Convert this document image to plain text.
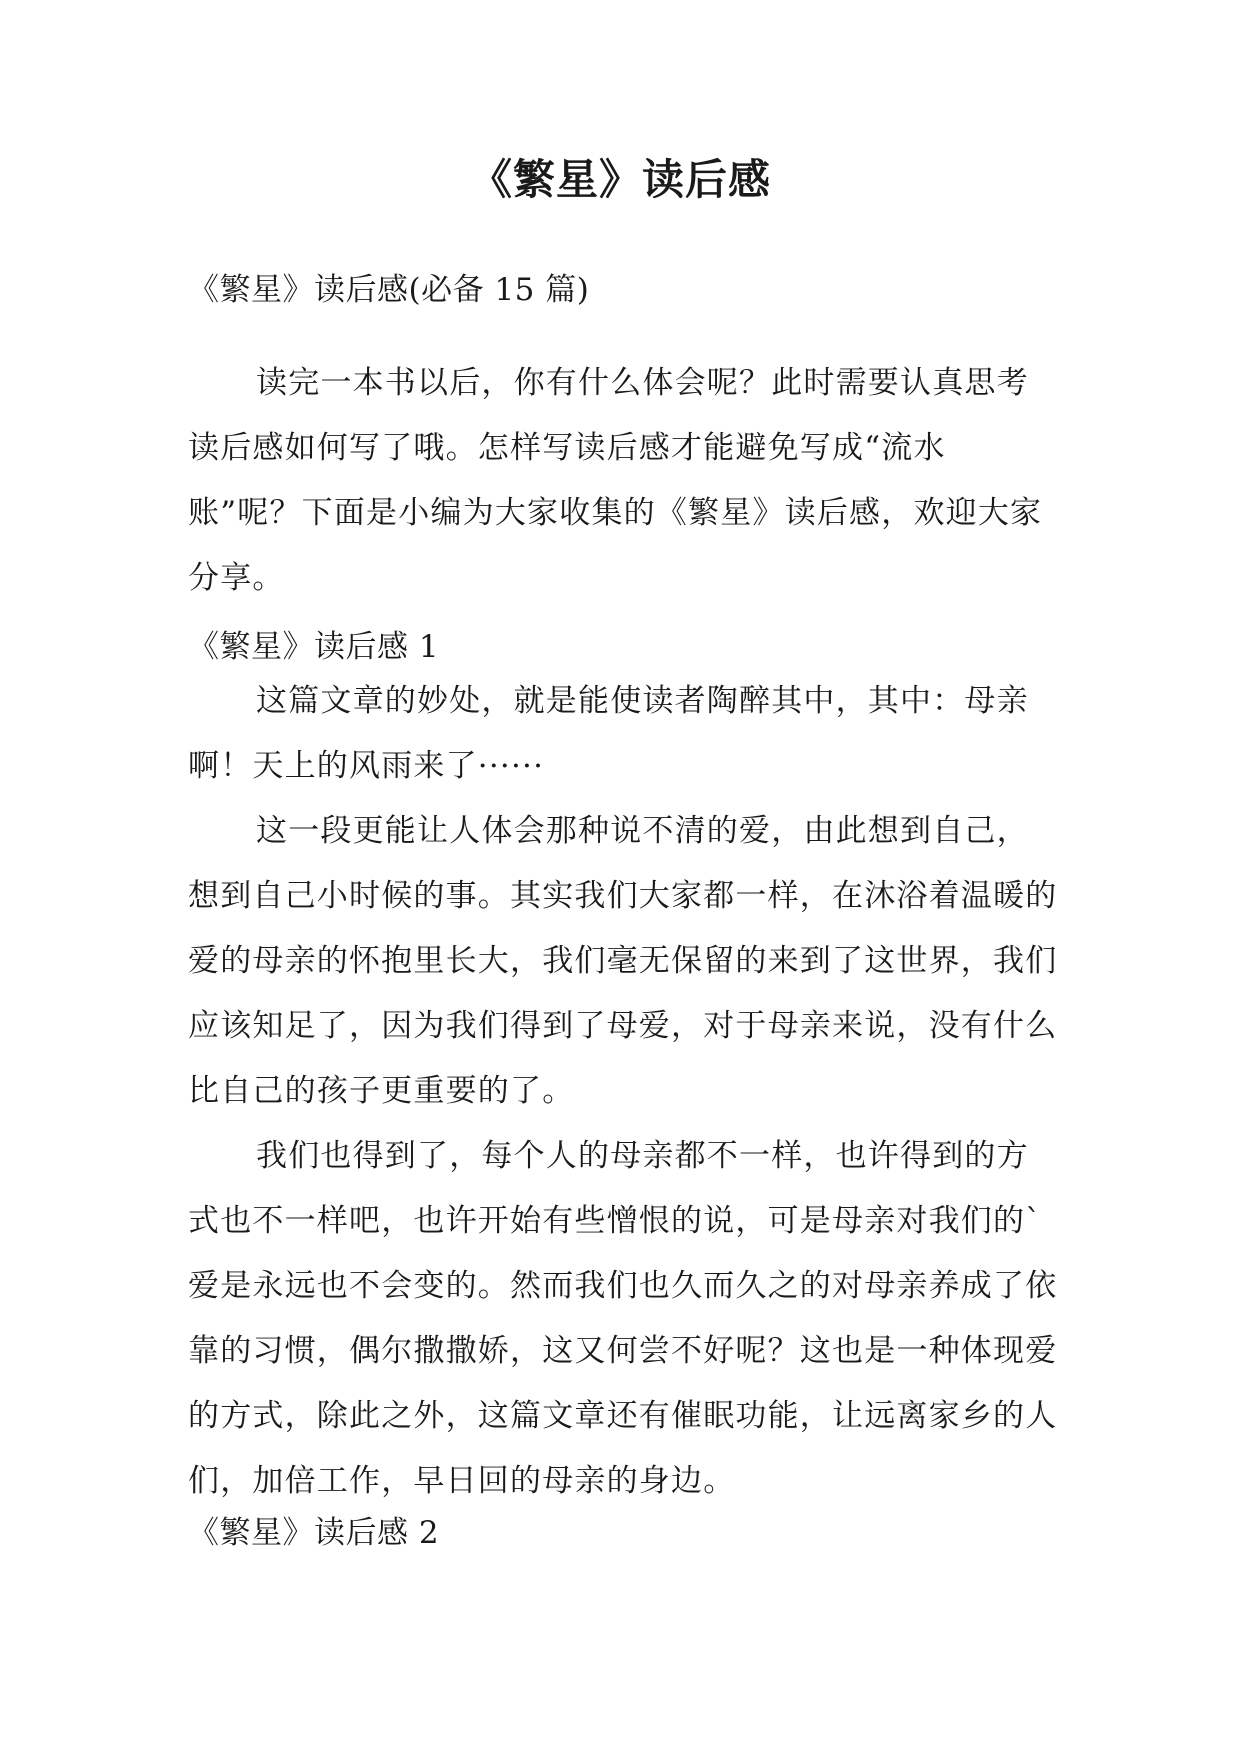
《繁星》读后感

《繁星》读后感(必备 15 篇)

读完一本书以后，你有什么体会呢？此时需要认真思考读后感如何写了哦。怎样写读后感才能避免写成“流水账”呢？下面是小编为大家收集的《繁星》读后感，欢迎大家分享。

《繁星》读后感 1

这篇文章的妙处，就是能使读者陶醉其中，其中：母亲啊！天上的风雨来了······

这一段更能让人体会那种说不清的爱，由此想到自己，想到自己小时候的事。其实我们大家都一样，在沐浴着温暖的爱的母亲的怀抱里长大，我们毫无保留的来到了这世界，我们应该知足了，因为我们得到了母爱，对于母亲来说，没有什么比自己的孩子更重要的了。

我们也得到了，每个人的母亲都不一样，也许得到的方式也不一样吧，也许开始有些憎恨的说，可是母亲对我们的`爱是永远也不会变的。然而我们也久而久之的对母亲养成了依靠的习惯，偶尔撒撒娇，这又何尝不好呢？这也是一种体现爱的方式，除此之外，这篇文章还有催眠功能，让远离家乡的人们，加倍工作，早日回的母亲的身边。

《繁星》读后感 2
